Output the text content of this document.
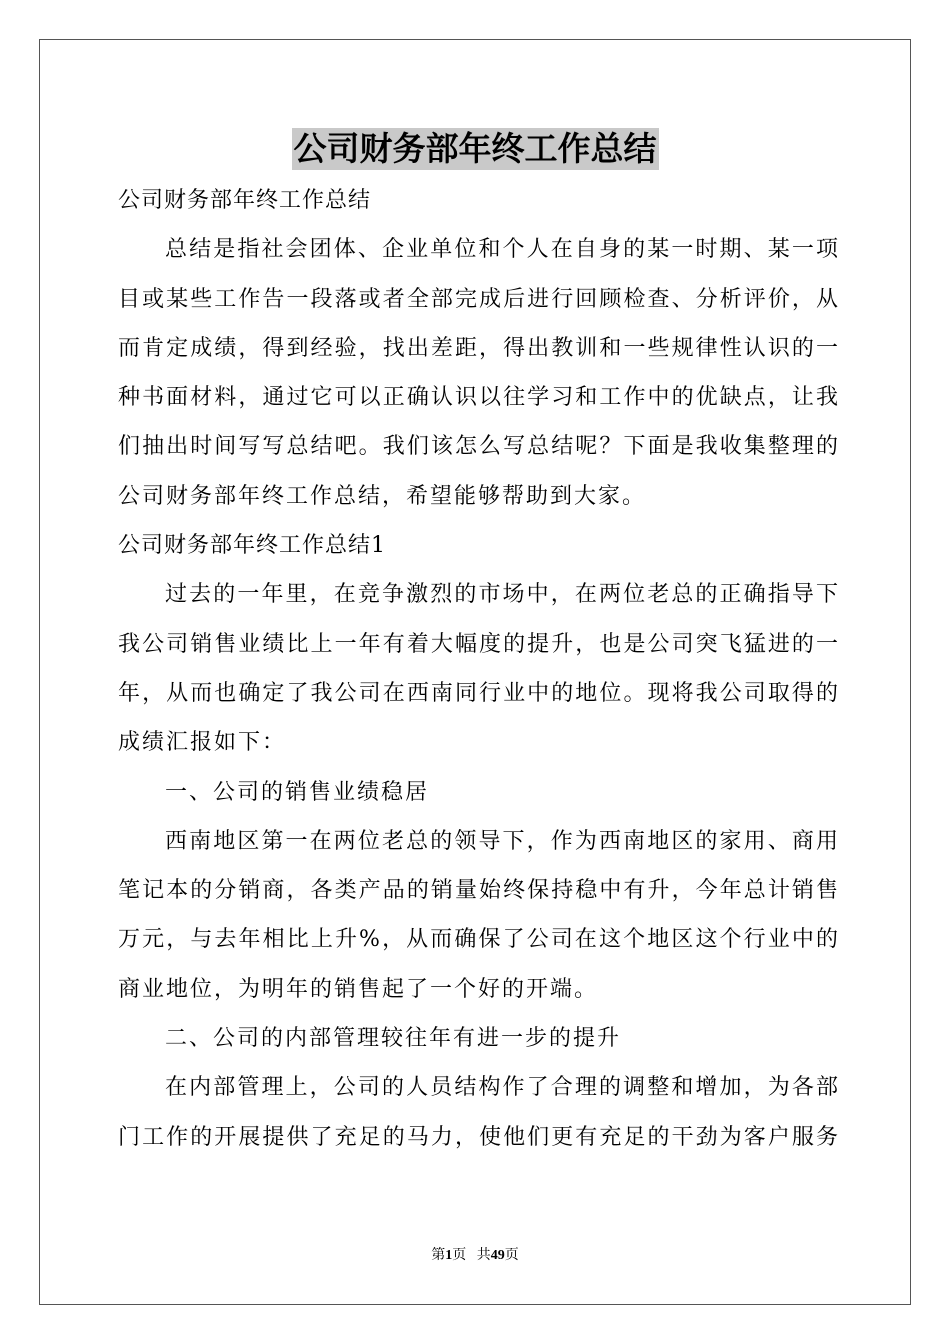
公司财务部年终工作总结
公司财务部年终工作总结
总结是指社会团体、企业单位和个人在自身的某一时期、某一项
目或某些工作告一段落或者全部完成后进行回顾检查、分析评价，从
而肯定成绩，得到经验，找出差距，得出教训和一些规律性认识的一
种书面材料，通过它可以正确认识以往学习和工作中的优缺点，让我
们抽出时间写写总结吧。我们该怎么写总结呢？下面是我收集整理的
公司财务部年终工作总结，希望能够帮助到大家。
公司财务部年终工作总结1
过去的一年里，在竞争激烈的市场中，在两位老总的正确指导下
我公司销售业绩比上一年有着大幅度的提升，也是公司突飞猛进的一
年，从而也确定了我公司在西南同行业中的地位。现将我公司取得的
成绩汇报如下：
一、公司的销售业绩稳居
西南地区第一在两位老总的领导下，作为西南地区的家用、商用
笔记本的分销商，各类产品的销量始终保持稳中有升，今年总计销售
万元，与去年相比上升%，从而确保了公司在这个地区这个行业中的
商业地位，为明年的销售起了一个好的开端。
二、公司的内部管理较往年有进一步的提升
在内部管理上，公司的人员结构作了合理的调整和增加，为各部
门工作的开展提供了充足的马力，使他们更有充足的干劲为客户服务
第1页 共49页
